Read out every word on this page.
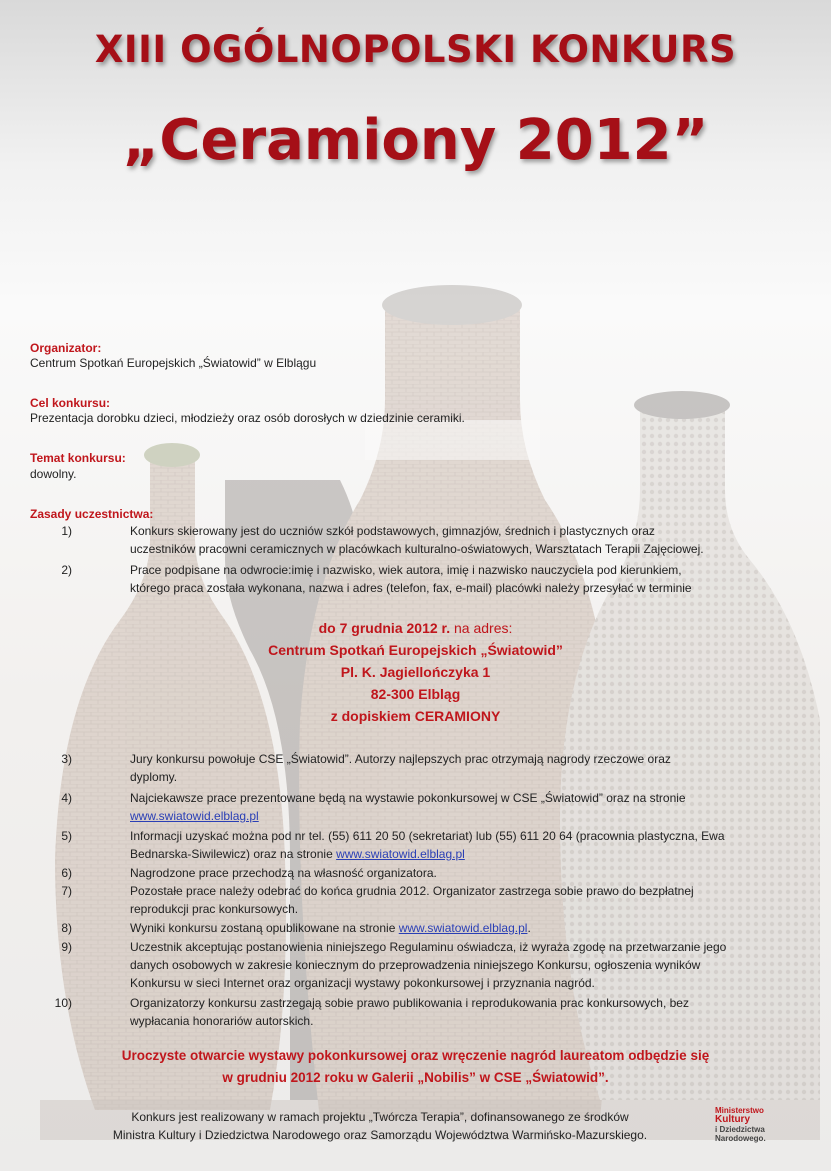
XIII OGÓLNOPOLSKI KONKURS
„Ceramiony 2012”
Organizator:
Centrum Spotkań Europejskich „Światowid” w Elblągu
Cel konkursu:
Prezentacja dorobku dzieci, młodzieży oraz osób dorosłych w dziedzinie ceramiki.
Temat konkursu:
dowolny.
Zasady uczestnictwa:
1)	Konkurs skierowany jest do uczniów szkół podstawowych, gimnazjów, średnich i plastycznych oraz
uczestników pracowni ceramicznych w placówkach kulturalno-oświatowych, Warsztatach Terapii Zajęciowej.
2)	Prace podpisane na odwrocie:imię i nazwisko, wiek autora, imię i nazwisko nauczyciela pod kierunkiem,
którego praca została wykonana, nazwa i adres (telefon, fax, e-mail) placówki należy przesyłać w terminie
do 7 grudnia 2012 r. na adres:
Centrum Spotkań Europejskich „Światowid”
Pl. K. Jagiellończyka 1
82-300 Elbląg
z dopiskiem CERAMIONY
3)	Jury konkursu powołuje CSE „Światowid”. Autorzy najlepszych prac otrzymają nagrody rzeczowe oraz
dyplomy.
4)	Najciekawsze prace prezentowane będą na wystawie pokonkursowej w CSE „Światowid” oraz na stronie
www.swiatowid.elblag.pl
5)	Informacji uzyskać można pod nr tel. (55) 611 20 50 (sekretariat) lub (55) 611 20 64 (pracownia plastyczna, Ewa
Bednarska-Siwilewicz) oraz na stronie www.swiatowid.elblag.pl
6)	Nagrodzone prace przechodzą na własność organizatora.
7)	Pozostałe prace należy odebrać do końca grudnia 2012. Organizator zastrzega sobie prawo do bezpłatnej
reprodukcji prac konkursowych.
8)	Wyniki konkursu zostaną opublikowane na stronie www.swiatowid.elblag.pl.
9)	Uczestnik akceptując postanowienia niniejszego Regulaminu oświadcza, iż wyraża zgodę na przetwarzanie jego
danych osobowych w zakresie koniecznym do przeprowadzenia niniejszego Konkursu, ogłoszenia wyników
Konkursu w sieci Internet oraz organizacji wystawy pokonkursowej i przyznania nagród.
10)	Organizatorzy konkursu zastrzegają sobie prawo publikowania i reprodukowania prac konkursowych, bez
wypłacania honorariów autorskich.
Uroczyste otwarcie wystawy pokonkursowej oraz wręczenie nagród laureatom odbędzie się
w grudniu 2012 roku w Galerii „Nobilis” w CSE „Światowid”.
Konkurs jest realizowany w ramach projektu „Twórcza Terapia”, dofinansowanego ze środków
Ministra Kultury i Dziedzictwa Narodowego oraz Samorządu Województwa Warmińsko-Mazurskiego.
Ministerstwo
Kultury
i Dziedzictwa
Narodowego.
